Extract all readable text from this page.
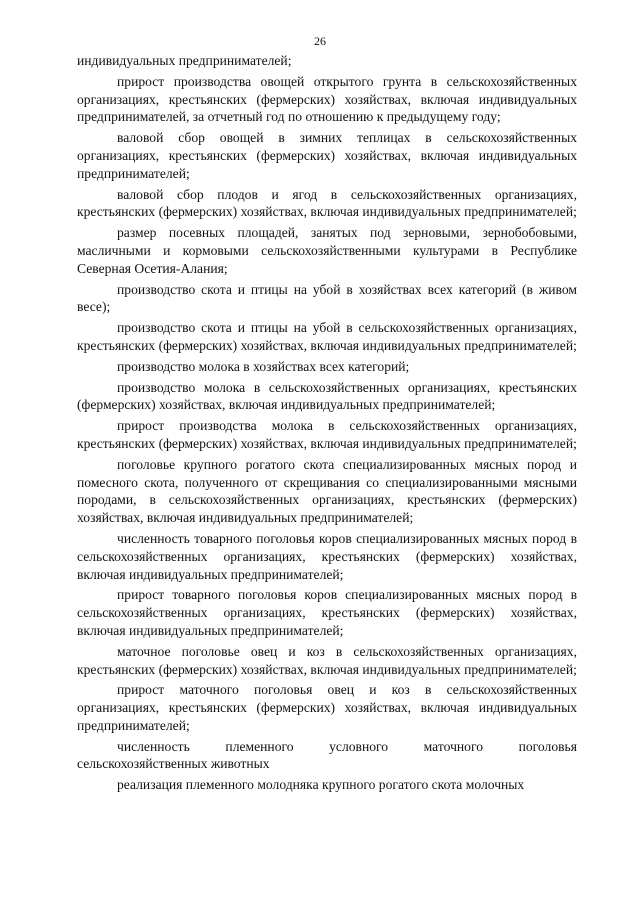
26

индивидуальных предпринимателей;

прирост производства овощей открытого грунта в сельскохозяйственных организациях, крестьянских (фермерских) хозяйствах, включая индивидуальных предпринимателей, за отчетный год по отношению к предыдущему году;

валовой сбор овощей в зимних теплицах в сельскохозяйственных организациях, крестьянских (фермерских) хозяйствах, включая индивидуальных предпринимателей;

валовой сбор плодов и ягод в сельскохозяйственных организациях, крестьянских (фермерских) хозяйствах, включая индивидуальных предпринимателей;

размер посевных площадей, занятых под зерновыми, зернобобовыми, масличными и кормовыми сельскохозяйственными культурами в Республике Северная Осетия-Алания;

производство скота и птицы на убой в хозяйствах всех категорий (в живом весе);

производство скота и птицы на убой в сельскохозяйственных организациях, крестьянских (фермерских) хозяйствах, включая индивидуальных предпринимателей;

производство молока в хозяйствах всех категорий;

производство молока в сельскохозяйственных организациях, крестьянских (фермерских) хозяйствах, включая индивидуальных предпринимателей;

прирост производства молока в сельскохозяйственных организациях, крестьянских (фермерских) хозяйствах, включая индивидуальных предпринимателей;

поголовье крупного рогатого скота специализированных мясных пород и помесного скота, полученного от скрещивания со специализированными мясными породами, в сельскохозяйственных организациях, крестьянских (фермерских) хозяйствах, включая индивидуальных предпринимателей;

численность товарного поголовья коров специализированных мясных пород в сельскохозяйственных организациях, крестьянских (фермерских) хозяйствах, включая индивидуальных предпринимателей;

прирост товарного поголовья коров специализированных мясных пород в сельскохозяйственных организациях, крестьянских (фермерских) хозяйствах, включая индивидуальных предпринимателей;

маточное поголовье овец и коз в сельскохозяйственных организациях, крестьянских (фермерских) хозяйствах, включая индивидуальных предпринимателей;

прирост маточного поголовья овец и коз в сельскохозяйственных организациях, крестьянских (фермерских) хозяйствах, включая индивидуальных предпринимателей;

численность племенного условного маточного поголовья сельскохозяйственных животных

реализация племенного молодняка крупного рогатого скота молочных
